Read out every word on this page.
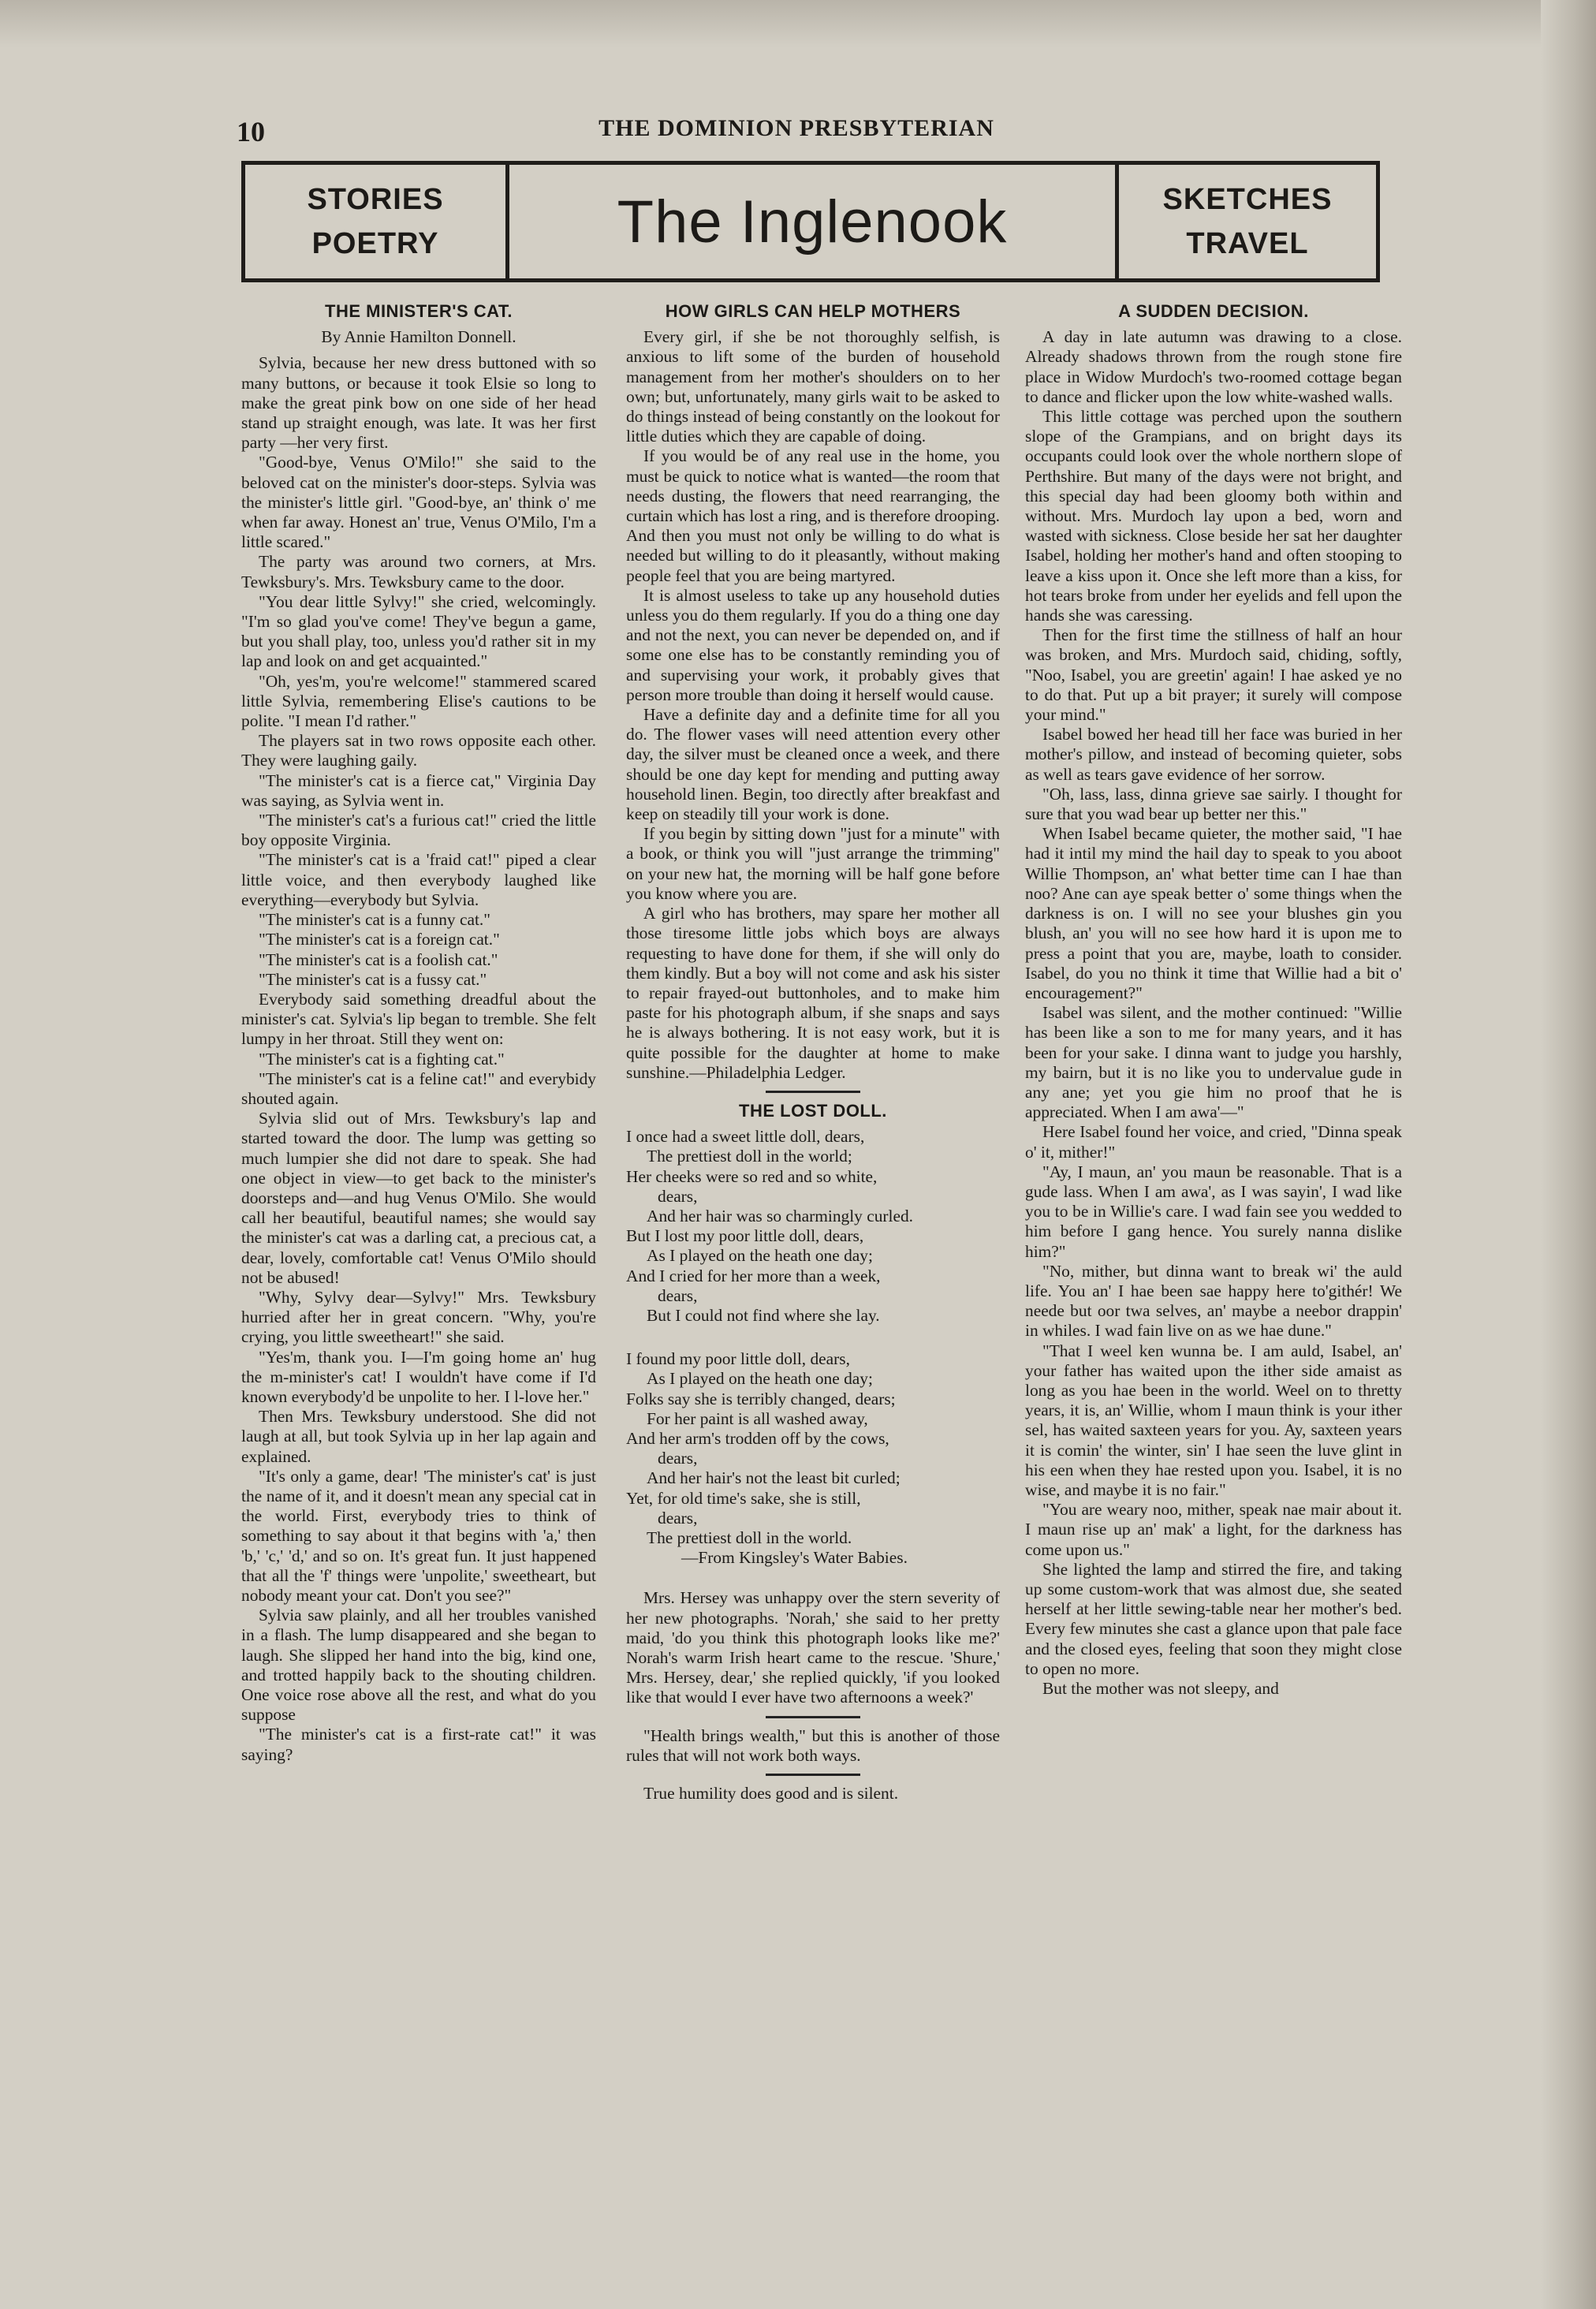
10	THE DOMINION PRESBYTERIAN
STORIES
POETRY	The Inglenook	SKETCHES
TRAVEL
THE MINISTER'S CAT.
By Annie Hamilton Donnell.

Sylvia, because her new dress buttoned with so many buttons, or because it took Elsie so long to make the great pink bow on one side of her head stand up straight enough, was late. It was her first party —her very first.

"Good-bye, Venus O'Milo!" she said to the beloved cat on the minister's door-steps. Sylvia was the minister's little girl. "Good-bye, an' think o' me when far away. Honest an' true, Venus O'Milo, I'm a little scared."

The party was around two corners, at Mrs. Tewksbury's. Mrs. Tewksbury came to the door.

"You dear little Sylvy!" she cried, welcomingly. "I'm so glad you've come! They've begun a game, but you shall play, too, unless you'd rather sit in my lap and look on and get acquainted."

"Oh, yes'm, you're welcome!" stammered scared little Sylvia, remembering Elise's cautions to be polite. "I mean I'd rather."

The players sat in two rows opposite each other. They were laughing gaily.

"The minister's cat is a fierce cat," Virginia Day was saying, as Sylvia went in.

"The minister's cat's a furious cat!" cried the little boy opposite Virginia.

"The minister's cat is a 'fraid cat!" piped a clear little voice, and then everybody laughed like everything—everybody but Sylvia.

"The minister's cat is a funny cat."

"The minister's cat is a foreign cat."

"The minister's cat is a foolish cat."

"The minister's cat is a fussy cat."

Everybody said something dreadful about the minister's cat. Sylvia's lip began to tremble. She felt lumpy in her throat. Still they went on:

"The minister's cat is a fighting cat."

"The minister's cat is a feline cat!" and everybidy shouted again.

Sylvia slid out of Mrs. Tewksbury's lap and started toward the door. The lump was getting so much lumpier she did not dare to speak. She had one object in view—to get back to the minister's doorsteps and—and hug Venus O'Milo. She would call her beautiful, beautiful names; she would say the minister's cat was a darling cat, a precious cat, a dear, lovely, comfortable cat! Venus O'Milo should not be abused!

"Why, Sylvy dear—Sylvy!" Mrs. Tewksbury hurried after her in great concern. "Why, you're crying, you little sweetheart!" she said.

"Yes'm, thank you. I—I'm going home an' hug the m-minister's cat! I wouldn't have come if I'd known everybody'd be unpolite to her. I l-love her."

Then Mrs. Tewksbury understood. She did not laugh at all, but took Sylvia up in her lap again and explained.

"It's only a game, dear! 'The minister's cat' is just the name of it, and it doesn't mean any special cat in the world. First, everybody tries to think of something to say about it that begins with 'a,' then 'b,' 'c,' 'd,' and so on. It's great fun. It just happened that all the 'f' things were 'unpolite,' sweetheart, but nobody meant your cat. Don't you see?"

Sylvia saw plainly, and all her troubles vanished in a flash. The lump disappeared and she began to laugh. She slipped her hand into the big, kind one, and trotted happily back to the shouting children. One voice rose above all the rest, and what do you suppose

"The minister's cat is a first-rate cat!" it was saying?

HOW GIRLS CAN HELP MOTHERS

Every girl, if she be not thoroughly selfish, is anxious to lift some of the burden of household management from her mother's shoulders on to her own; but, unfortunately, many girls wait to be asked to do things instead of being constantly on the lookout for little duties which they are capable of doing.

If you would be of any real use in the home, you must be quick to notice what is wanted—the room that needs dusting, the flowers that need rearranging, the curtain which has lost a ring, and is therefore drooping. And then you must not only be willing to do what is needed but willing to do it pleasantly, without making people feel that you are being martyred.

It is almost useless to take up any household duties unless you do them regularly. If you do a thing one day and not the next, you can never be depended on, and if some one else has to be constantly reminding you of and supervising your work, it probably gives that person more trouble than doing it herself would cause.

Have a definite day and a definite time for all you do. The flower vases will need attention every other day, the silver must be cleaned once a week, and there should be one day kept for mending and putting away household linen. Begin, too directly after breakfast and keep on steadily till your work is done.

If you begin by sitting down "just for a minute" with a book, or think you will "just arrange the trimming" on your new hat, the morning will be half gone before you know where you are.

A girl who has brothers, may spare her mother all those tiresome little jobs which boys are always requesting to have done for them, if she will only do them kindly. But a boy will not come and ask his sister to repair frayed-out buttonholes, and to make him paste for his photograph album, if she snaps and says he is always bothering. It is not easy work, but it is quite possible for the daughter at home to make sunshine.—Philadelphia Ledger.

THE LOST DOLL.
I once had a sweet little doll, dears,
The prettiest doll in the world;
Her cheeks were so red and so white,
dears,
And her hair was so charmingly curled.
But I lost my poor little doll, dears,
As I played on the heath one day;
And I cried for her more than a week,
dears,
But I could not find where she lay.
I found my poor little doll, dears,
As I played on the heath one day;
Folks say she is terribly changed, dears;
For her paint is all washed away,
And her arm's trodden off by the cows,
dears,
And her hair's not the least bit curled;
Yet, for old time's sake, she is still,
dears,
The prettiest doll in the world.
—From Kingsley's Water Babies.

Mrs. Hersey was unhappy over the stern severity of her new photographs. 'Norah,' she said to her pretty maid, 'do you think this photograph looks like me?' Norah's warm Irish heart came to the rescue. 'Shure,' Mrs. Hersey, dear,' she replied quickly, 'if you looked like that would I ever have two afternoons a week?'

"Health brings wealth," but this is another of those rules that will not work both ways.

True humility does good and is silent.

A SUDDEN DECISION.

A day in late autumn was drawing to a close. Already shadows thrown from the rough stone fire place in Widow Murdoch's two-roomed cottage began to dance and flicker upon the low white-washed walls.

This little cottage was perched upon the southern slope of the Grampians, and on bright days its occupants could look over the whole northern slope of Perthshire. But many of the days were not bright, and this special day had been gloomy both within and without. Mrs. Murdoch lay upon a bed, worn and wasted with sickness. Close beside her sat her daughter Isabel, holding her mother's hand and often stooping to leave a kiss upon it. Once she left more than a kiss, for hot tears broke from under her eyelids and fell upon the hands she was caressing.

Then for the first time the stillness of half an hour was broken, and Mrs. Murdoch said, chiding, softly, "Noo, Isabel, you are greetin' again! I hae asked ye no to do that. Put up a bit prayer; it surely will compose your mind."

Isabel bowed her head till her face was buried in her mother's pillow, and instead of becoming quieter, sobs as well as tears gave evidence of her sorrow.

"Oh, lass, lass, dinna grieve sae sairly. I thought for sure that you wad bear up better ner this."

When Isabel became quieter, the mother said, "I hae had it intil my mind the hail day to speak to you aboot Willie Thompson, an' what better time can I hae than noo? Ane can aye speak better o' some things when the darkness is on. I will no see your blushes gin you blush, an' you will no see how hard it is upon me to press a point that you are, maybe, loath to consider. Isabel, do you no think it time that Willie had a bit o' encouragement?"

Isabel was silent, and the mother continued: "Willie has been like a son to me for many years, and it has been for your sake. I dinna want to judge you harshly, my bairn, but it is no like you to undervalue gude in any ane; yet you gie him no proof that he is appreciated. When I am awa'—"

Here Isabel found her voice, and cried, "Dinna speak o' it, mither!"

"Ay, I maun, an' you maun be reasonable. That is a gude lass. When I am awa', as I was sayin', I wad like you to be in Willie's care. I wad fain see you wedded to him before I gang hence. You surely nanna dislike him?"

"No, mither, but dinna want to break wi' the auld life. You an' I hae been sae happy here to'githér! We neede but oor twa selves, an' maybe a neebor drappin' in whiles. I wad fain live on as we hae dune."

"That I weel ken wunna be. I am auld, Isabel, an' your father has waited upon the ither side amaist as long as you hae been in the world. Weel on to thretty years, it is, an' Willie, whom I maun think is your ither sel, has waited saxteen years for you. Ay, saxteen years it is comin' the winter, sin' I hae seen the luve glint in his een when they hae rested upon you. Isabel, it is no wise, and maybe it is no fair."

"You are weary noo, mither, speak nae mair about it. I maun rise up an' mak' a light, for the darkness has come upon us."

She lighted the lamp and stirred the fire, and taking up some custom-work that was almost due, she seated herself at her little sewing-table near her mother's bed. Every few minutes she cast a glance upon that pale face and the closed eyes, feeling that soon they might close to open no more.

But the mother was not sleepy, and
